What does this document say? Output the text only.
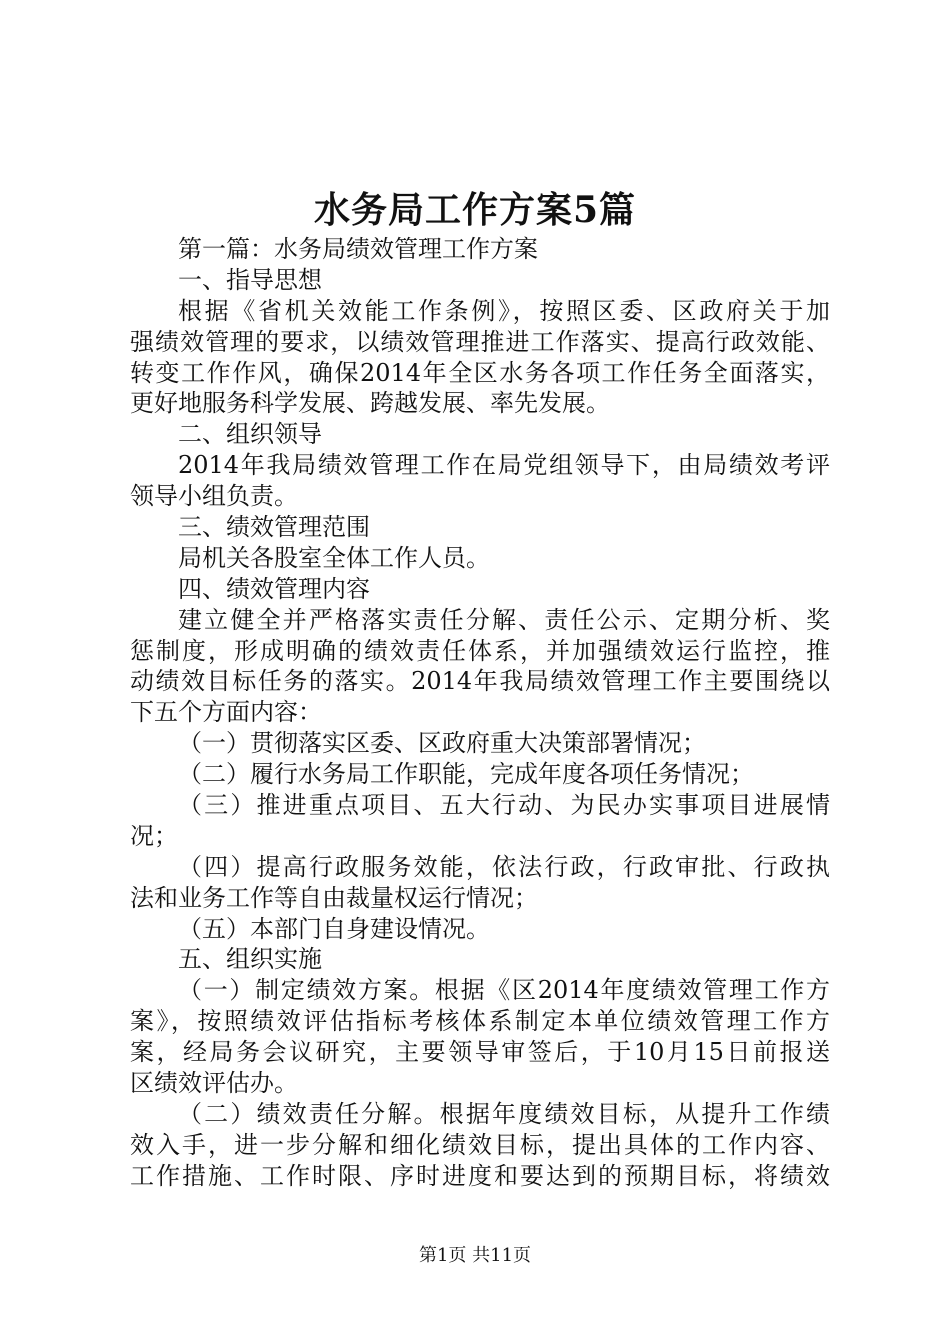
水务局工作方案5篇
第一篇：水务局绩效管理工作方案
一、指导思想
根据《省机关效能工作条例》，按照区委、区政府关于加
强绩效管理的要求，以绩效管理推进工作落实、提高行政效能、
转变工作作风，确保2014年全区水务各项工作任务全面落实，
更好地服务科学发展、跨越发展、率先发展。
二、组织领导
2014年我局绩效管理工作在局党组领导下，由局绩效考评
领导小组负责。
三、绩效管理范围
局机关各股室全体工作人员。
四、绩效管理内容
建立健全并严格落实责任分解、责任公示、定期分析、奖
惩制度，形成明确的绩效责任体系，并加强绩效运行监控，推
动绩效目标任务的落实。2014年我局绩效管理工作主要围绕以
下五个方面内容：
（一）贯彻落实区委、区政府重大决策部署情况；
（二）履行水务局工作职能，完成年度各项任务情况；
（三）推进重点项目、五大行动、为民办实事项目进展情
况；
（四）提高行政服务效能，依法行政，行政审批、行政执
法和业务工作等自由裁量权运行情况；
（五）本部门自身建设情况。
五、组织实施
（一）制定绩效方案。根据《区2014年度绩效管理工作方
案》，按照绩效评估指标考核体系制定本单位绩效管理工作方
案，经局务会议研究，主要领导审签后，于10月15日前报送
区绩效评估办。
（二）绩效责任分解。根据年度绩效目标，从提升工作绩
效入手，进一步分解和细化绩效目标，提出具体的工作内容、
工作措施、工作时限、序时进度和要达到的预期目标，将绩效
第1页 共11页
